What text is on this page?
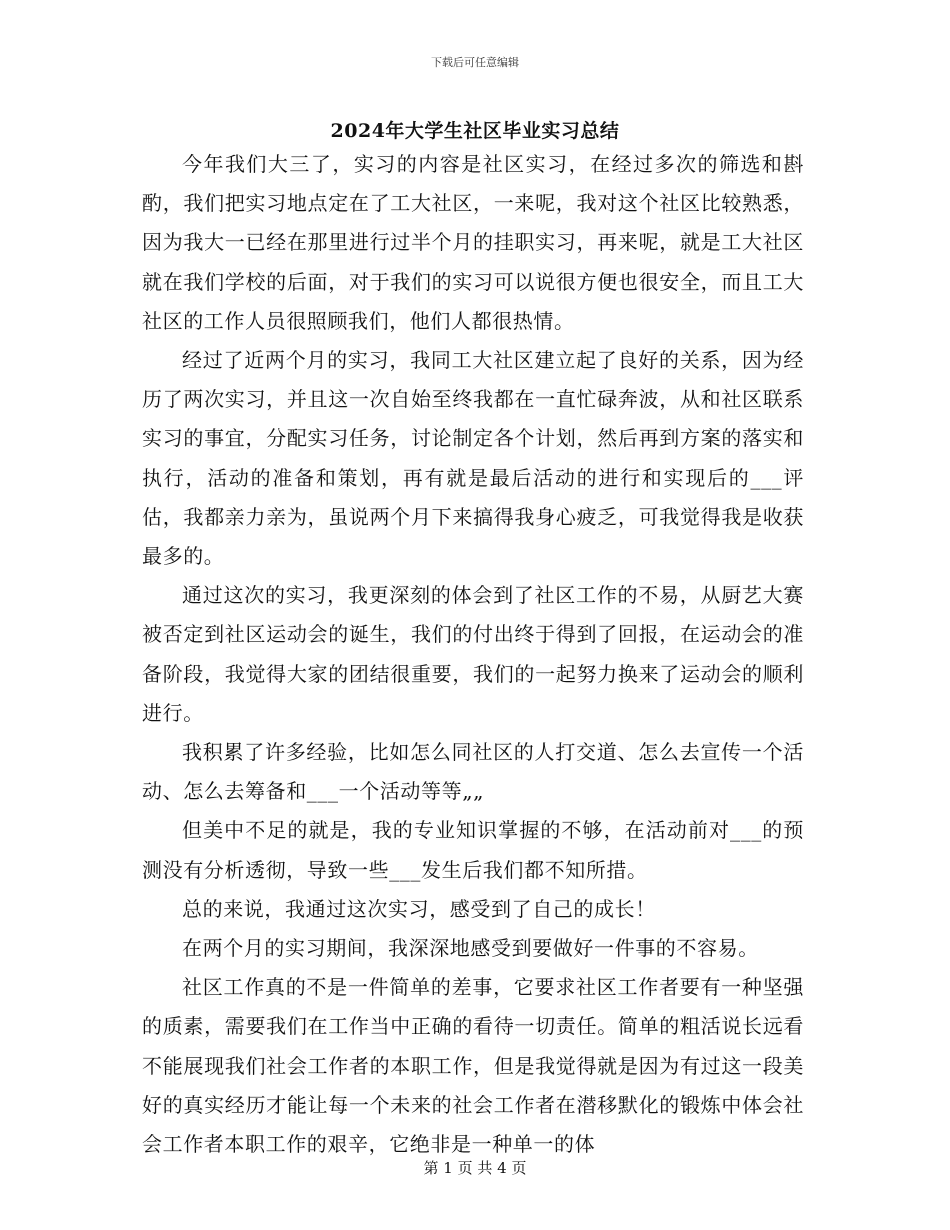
下载后可任意编辑
2024年大学生社区毕业实习总结

今年我们大三了，实习的内容是社区实习，在经过多次的筛选和斟酌，我们把实习地点定在了工大社区，一来呢，我对这个社区比较熟悉，因为我大一已经在那里进行过半个月的挂职实习，再来呢，就是工大社区就在我们学校的后面，对于我们的实习可以说很方便也很安全，而且工大社区的工作人员很照顾我们，他们人都很热情。

经过了近两个月的实习，我同工大社区建立起了良好的关系，因为经历了两次实习，并且这一次自始至终我都在一直忙碌奔波，从和社区联系实习的事宜，分配实习任务，讨论制定各个计划，然后再到方案的落实和执行，活动的准备和策划，再有就是最后活动的进行和实现后的___评估，我都亲力亲为，虽说两个月下来搞得我身心疲乏，可我觉得我是收获最多的。

通过这次的实习，我更深刻的体会到了社区工作的不易，从厨艺大赛被否定到社区运动会的诞生，我们的付出终于得到了回报，在运动会的准备阶段，我觉得大家的团结很重要，我们的一起努力换来了运动会的顺利进行。

我积累了许多经验，比如怎么同社区的人打交道、怎么去宣传一个活动、怎么去筹备和___一个活动等等„„

但美中不足的就是，我的专业知识掌握的不够，在活动前对___的预测没有分析透彻，导致一些___发生后我们都不知所措。

总的来说，我通过这次实习，感受到了自己的成长！

在两个月的实习期间，我深深地感受到要做好一件事的不容易。

社区工作真的不是一件简单的差事，它要求社区工作者要有一种坚强的质素，需要我们在工作当中正确的看待一切责任。简单的粗活说长远看不能展现我们社会工作者的本职工作，但是我觉得就是因为有过这一段美好的真实经历才能让每一个未来的社会工作者在潜移默化的锻炼中体会社会工作者本职工作的艰辛，它绝非是一种单一的体

第 1 页 共 4 页
